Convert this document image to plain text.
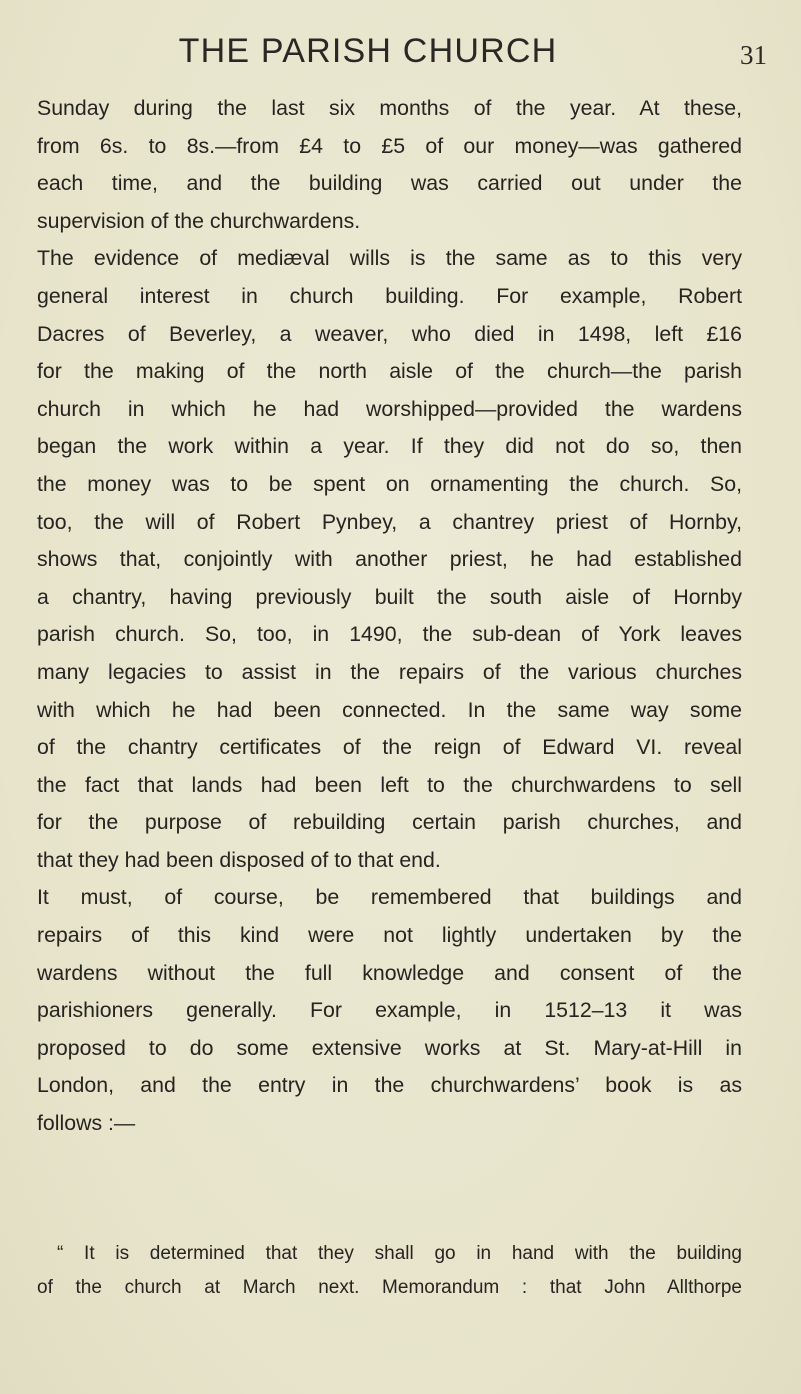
THE PARISH CHURCH	31
Sunday during the last six months of the year. At these,
from 6s. to 8s.—from £4 to £5 of our money—was gathered
each time, and the building was carried out under the
supervision of the churchwardens.
The evidence of mediæval wills is the same as to this very
general interest in church building. For example, Robert
Dacres of Beverley, a weaver, who died in 1498, left £16
for the making of the north aisle of the church—the parish
church in which he had worshipped—provided the wardens
began the work within a year. If they did not do so, then
the money was to be spent on ornamenting the church. So,
too, the will of Robert Pynbey, a chantrey priest of Hornby,
shows that, conjointly with another priest, he had established
a chantry, having previously built the south aisle of Hornby
parish church. So, too, in 1490, the sub-dean of York leaves
many legacies to assist in the repairs of the various churches
with which he had been connected. In the same way some
of the chantry certificates of the reign of Edward VI. reveal
the fact that lands had been left to the churchwardens to sell
for the purpose of rebuilding certain parish churches, and
that they had been disposed of to that end.
It must, of course, be remembered that buildings and
repairs of this kind were not lightly undertaken by the
wardens without the full knowledge and consent of the
parishioners generally. For example, in 1512–13 it was
proposed to do some extensive works at St. Mary-at-Hill in
London, and the entry in the churchwardens’ book is as
follows :—
“ It is determined that they shall go in hand with the building
of the church at March next. Memorandum : that John Allthorpe
